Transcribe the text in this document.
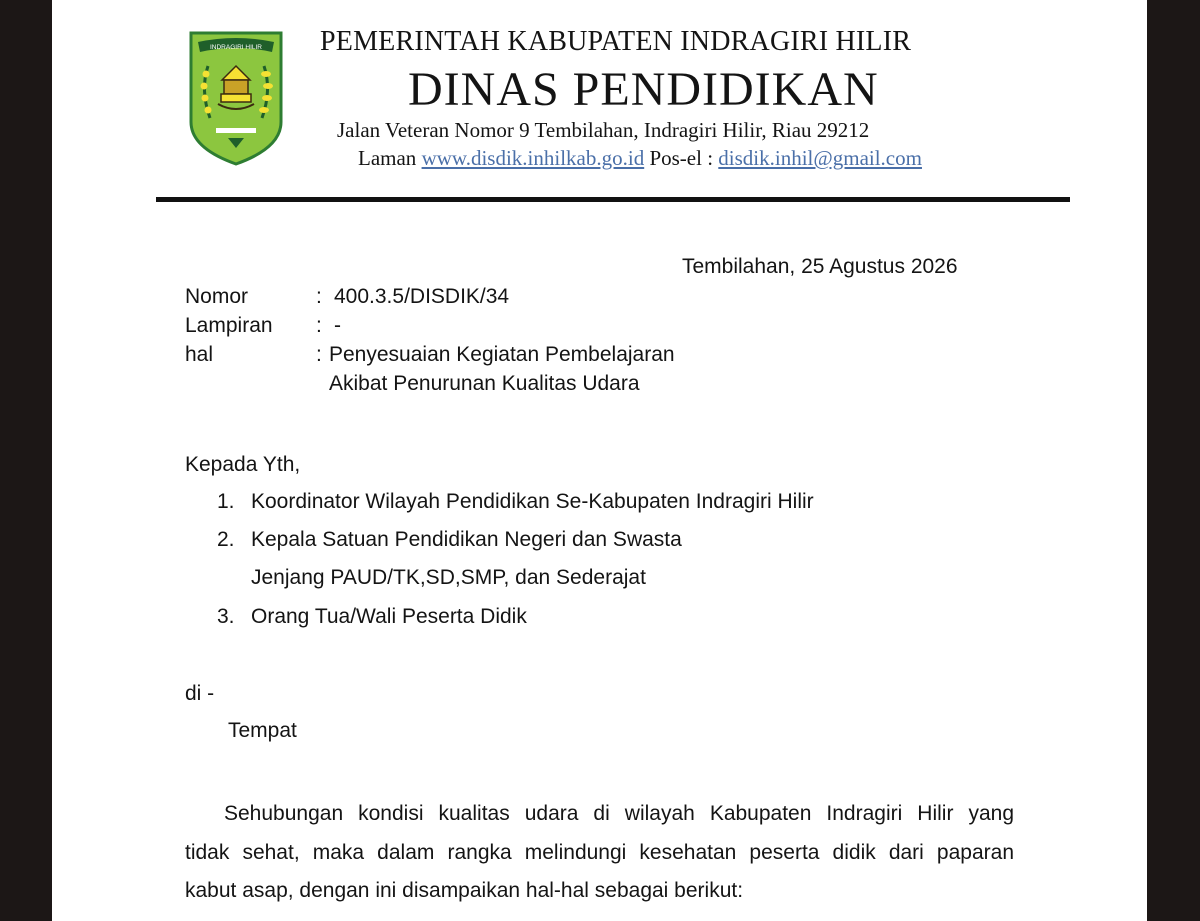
INDRAGIRI HILIR PEMERINTAH KABUPATEN INDRAGIRI HILIR
DINAS PENDIDIKAN
Jalan Veteran Nomor 9 Tembilahan, Indragiri Hilir, Riau 29212
Laman www.disdik.inhilkab.go.id Pos-el : disdik.inhil@gmail.com
Tembilahan, 25 Agustus 2026
Nomor	: 400.3.5/DISDIK/34
Lampiran : -
hal	: Penyesuaian Kegiatan Pembelajaran
Akibat Penurunan Kualitas Udara
Kepada Yth,
1. Koordinator Wilayah Pendidikan Se-Kabupaten Indragiri Hilir
2. Kepala Satuan Pendidikan Negeri dan Swasta
Jenjang PAUD/TK,SD,SMP, dan Sederajat
3. Orang Tua/Wali Peserta Didik
di -
Tempat
Sehubungan kondisi kualitas udara di wilayah Kabupaten Indragiri Hilir yang
tidak sehat, maka dalam rangka melindungi kesehatan peserta didik dari paparan
kabut asap, dengan ini disampaikan hal-hal sebagai berikut:
